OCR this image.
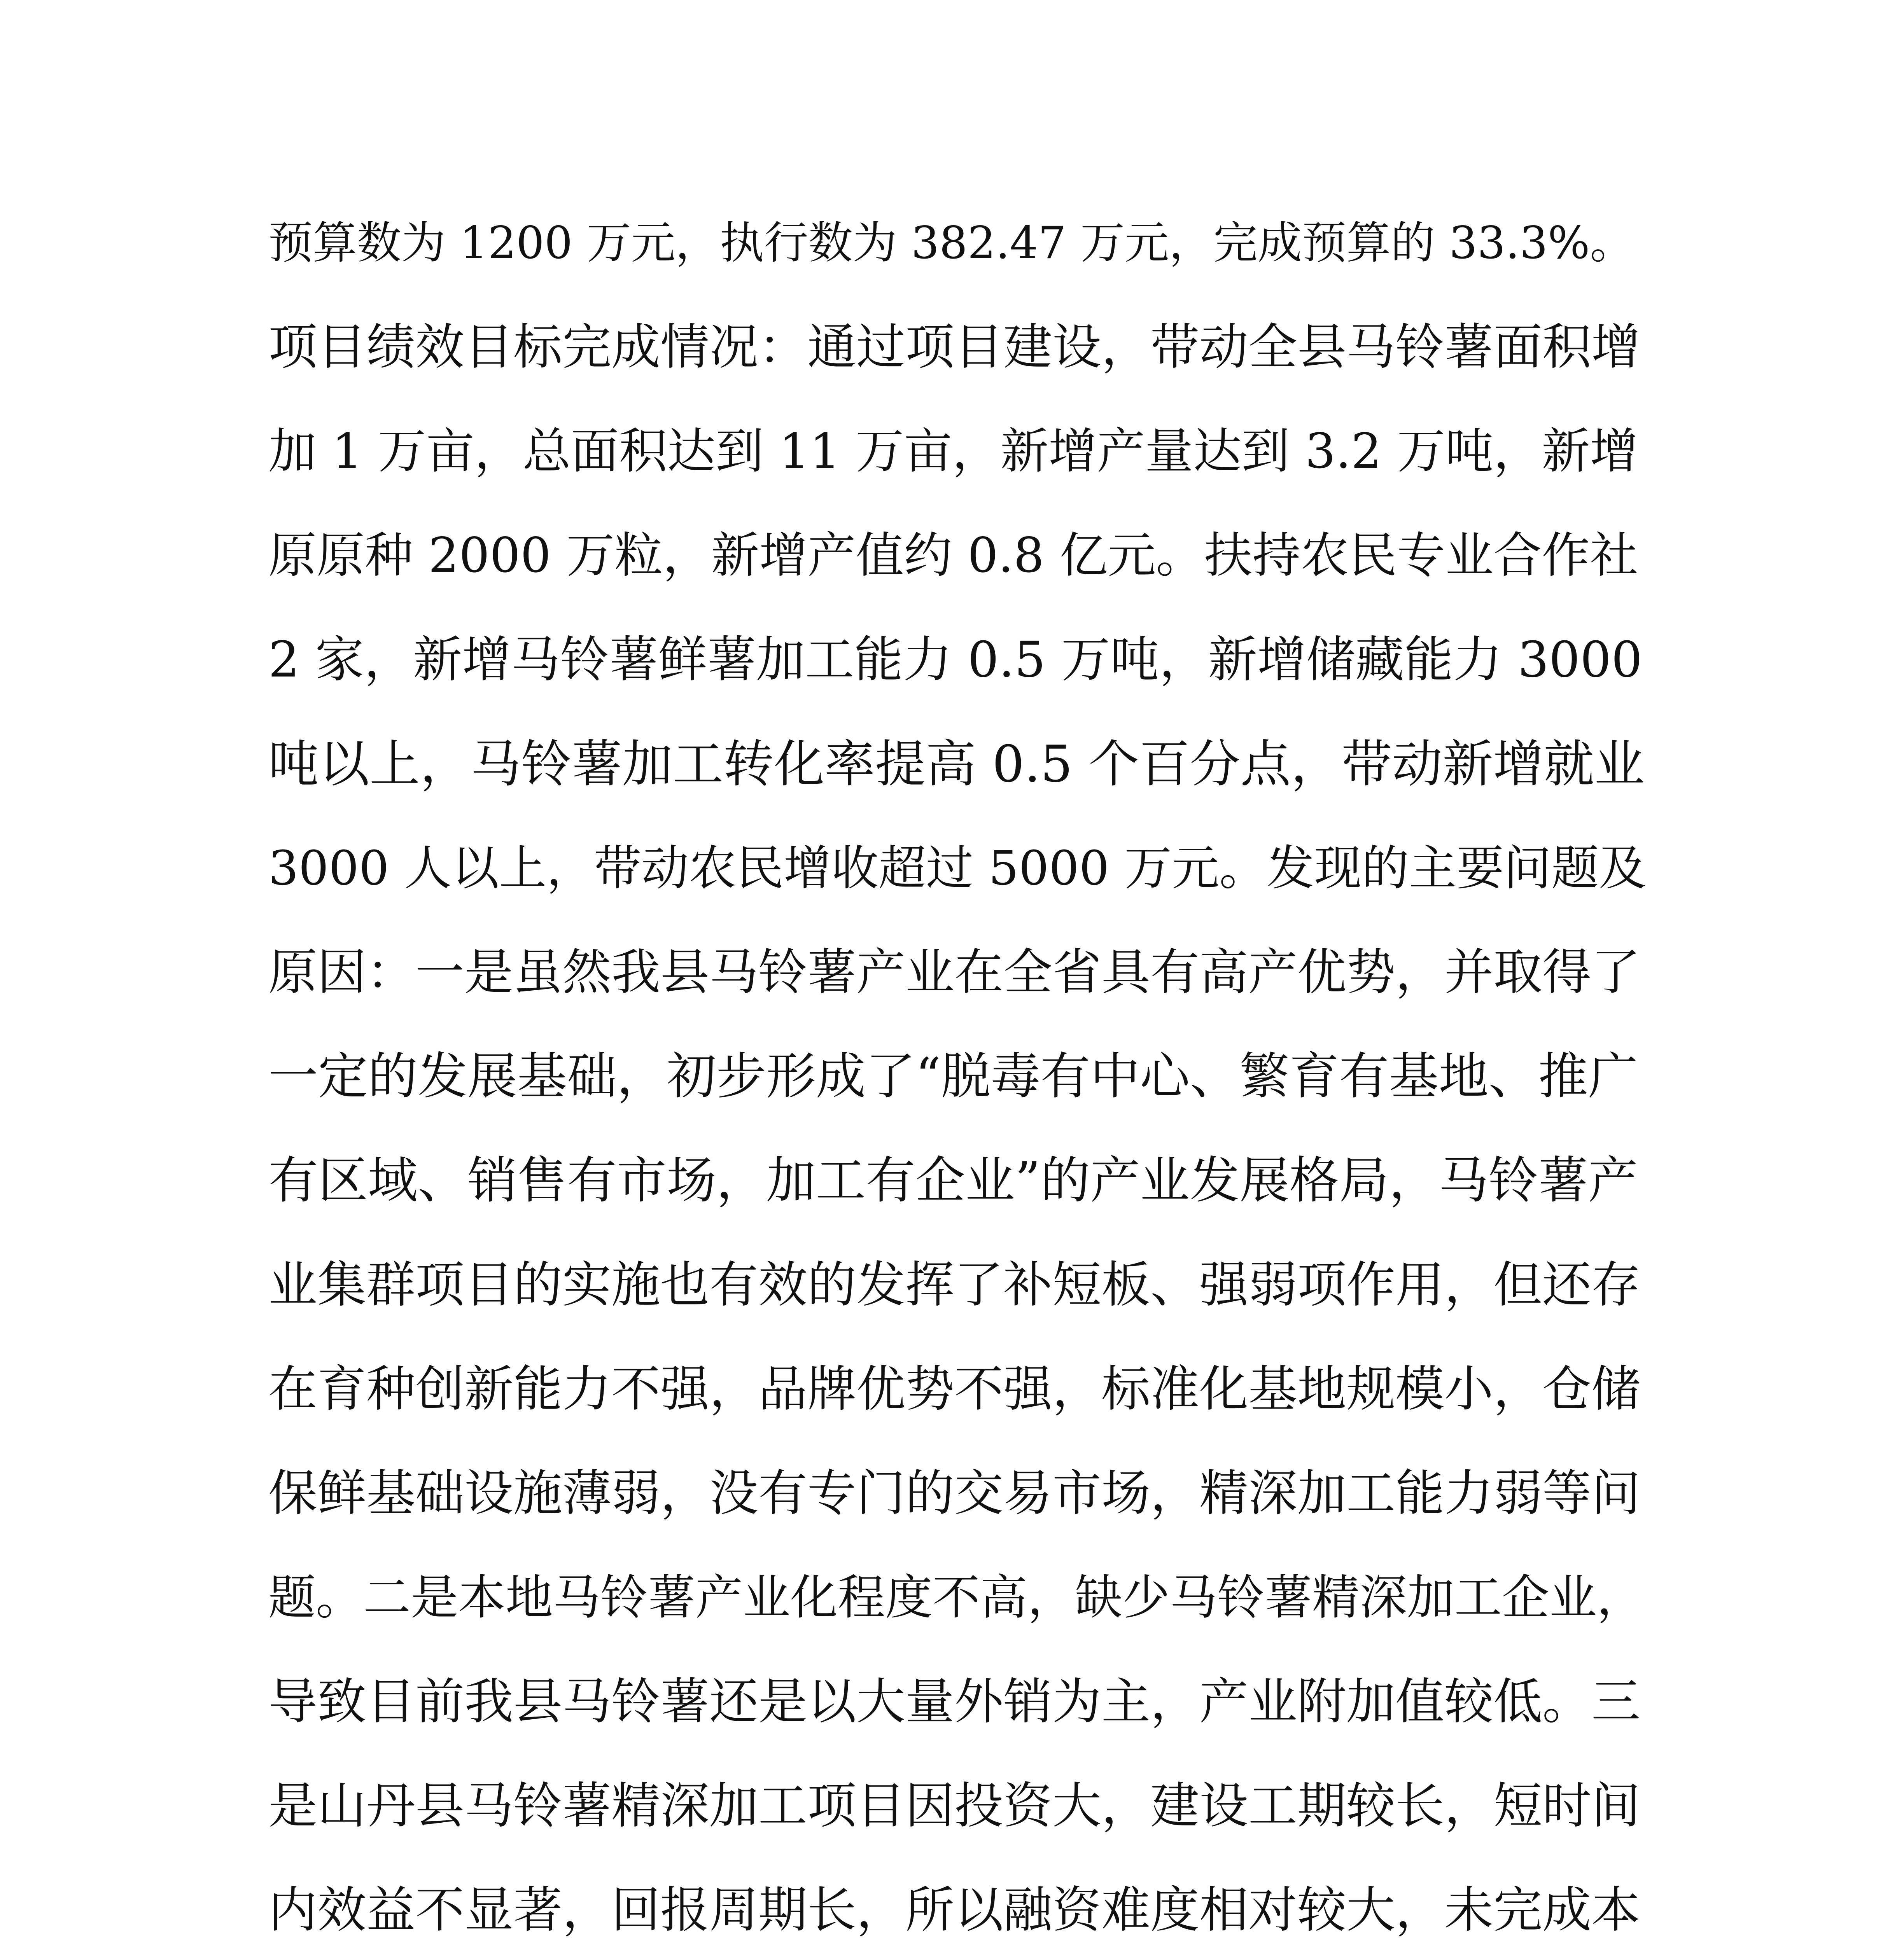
预算数为 1200 万元，执行数为 382.47 万元，完成预算的 33.3%。
项目绩效目标完成情况：通过项目建设，带动全县马铃薯面积增
加 1 万亩，总面积达到 11 万亩，新增产量达到 3.2 万吨，新增
原原种 2000 万粒，新增产值约 0.8 亿元。扶持农民专业合作社
2 家，新增马铃薯鲜薯加工能力 0.5 万吨，新增储藏能力 3000
吨以上，马铃薯加工转化率提高 0.5 个百分点，带动新增就业
3000 人以上，带动农民增收超过 5000 万元。发现的主要问题及
原因：一是虽然我县马铃薯产业在全省具有高产优势，并取得了
一定的发展基础，初步形成了“脱毒有中心、繁育有基地、推广
有区域、销售有市场，加工有企业”的产业发展格局，马铃薯产
业集群项目的实施也有效的发挥了补短板、强弱项作用，但还存
在育种创新能力不强，品牌优势不强，标准化基地规模小，仓储
保鲜基础设施薄弱，没有专门的交易市场，精深加工能力弱等问
题。二是本地马铃薯产业化程度不高，缺少马铃薯精深加工企业，
导致目前我县马铃薯还是以大量外销为主，产业附加值较低。三
是山丹县马铃薯精深加工项目因投资大，建设工期较长，短时间
内效益不显著，回报周期长，所以融资难度相对较大，未完成本
